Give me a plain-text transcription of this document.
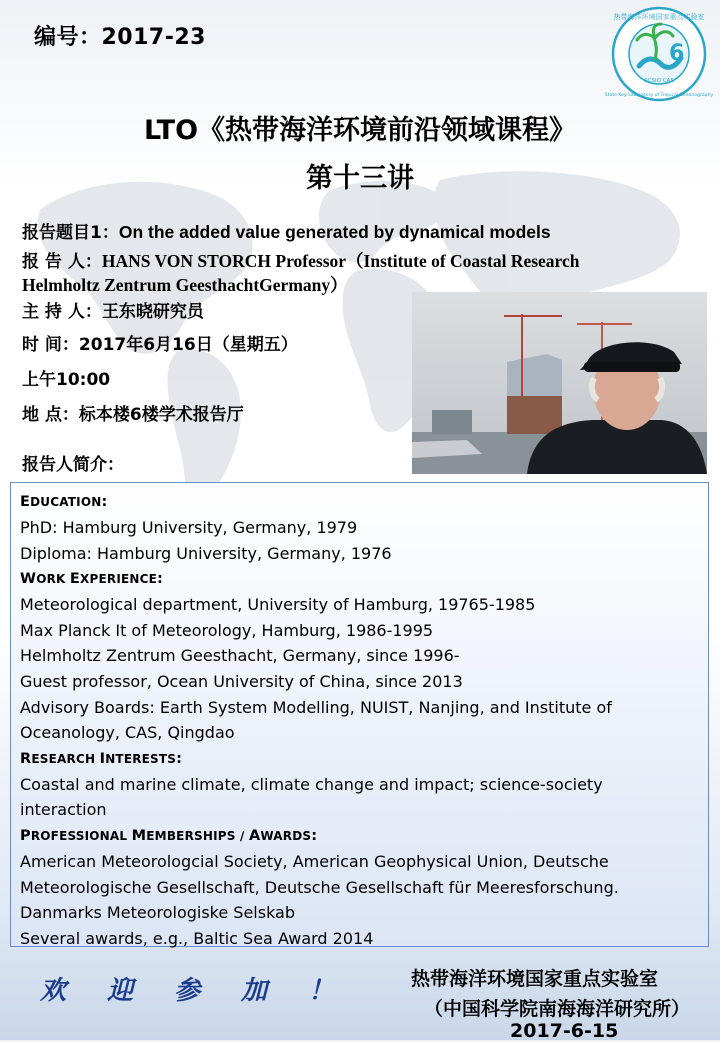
编号：2017-23
6
热带海洋环境国家重点实验室
State Key Laboratory of Tropical Oceanography
SCSIO CAS
LTO《热带海洋环境前沿领域课程》
第十三讲
报告题目1：On the added value generated by dynamical models
报 告 人：HANS VON STORCH Professor（Institute of Coastal Research
Helmholtz Zentrum GeesthachtGermany）
主 持 人：王东晓研究员
时 间：2017年6月16日（星期五）
上午10:00
地 点：标本楼6楼学术报告厅
报告人简介：
EDUCATION:
PhD: Hamburg University, Germany, 1979
Diploma: Hamburg University, Germany, 1976
WORK EXPERIENCE:
Meteorological department, University of Hamburg, 19765-1985
Max Planck It of Meteorology, Hamburg, 1986-1995
Helmholtz Zentrum Geesthacht, Germany, since 1996-
Guest professor, Ocean University of China, since 2013
Advisory Boards: Earth System Modelling, NUIST, Nanjing, and Institute of
Oceanology, CAS, Qingdao
RESEARCH INTERESTS:
Coastal and marine climate, climate change and impact; science-society
interaction
PROFESSIONAL MEMBERSHIPS / AWARDS:
American Meteorologcial Society, American Geophysical Union, Deutsche
Meteorologische Gesellschaft, Deutsche Gesellschaft für Meeresforschung.
Danmarks Meteorologiske Selskab
Several awards, e.g., Baltic Sea Award 2014
欢 迎 参 加 ！	热带海洋环境国家重点实验室
（中国科学院南海海洋研究所）
2017-6-15
